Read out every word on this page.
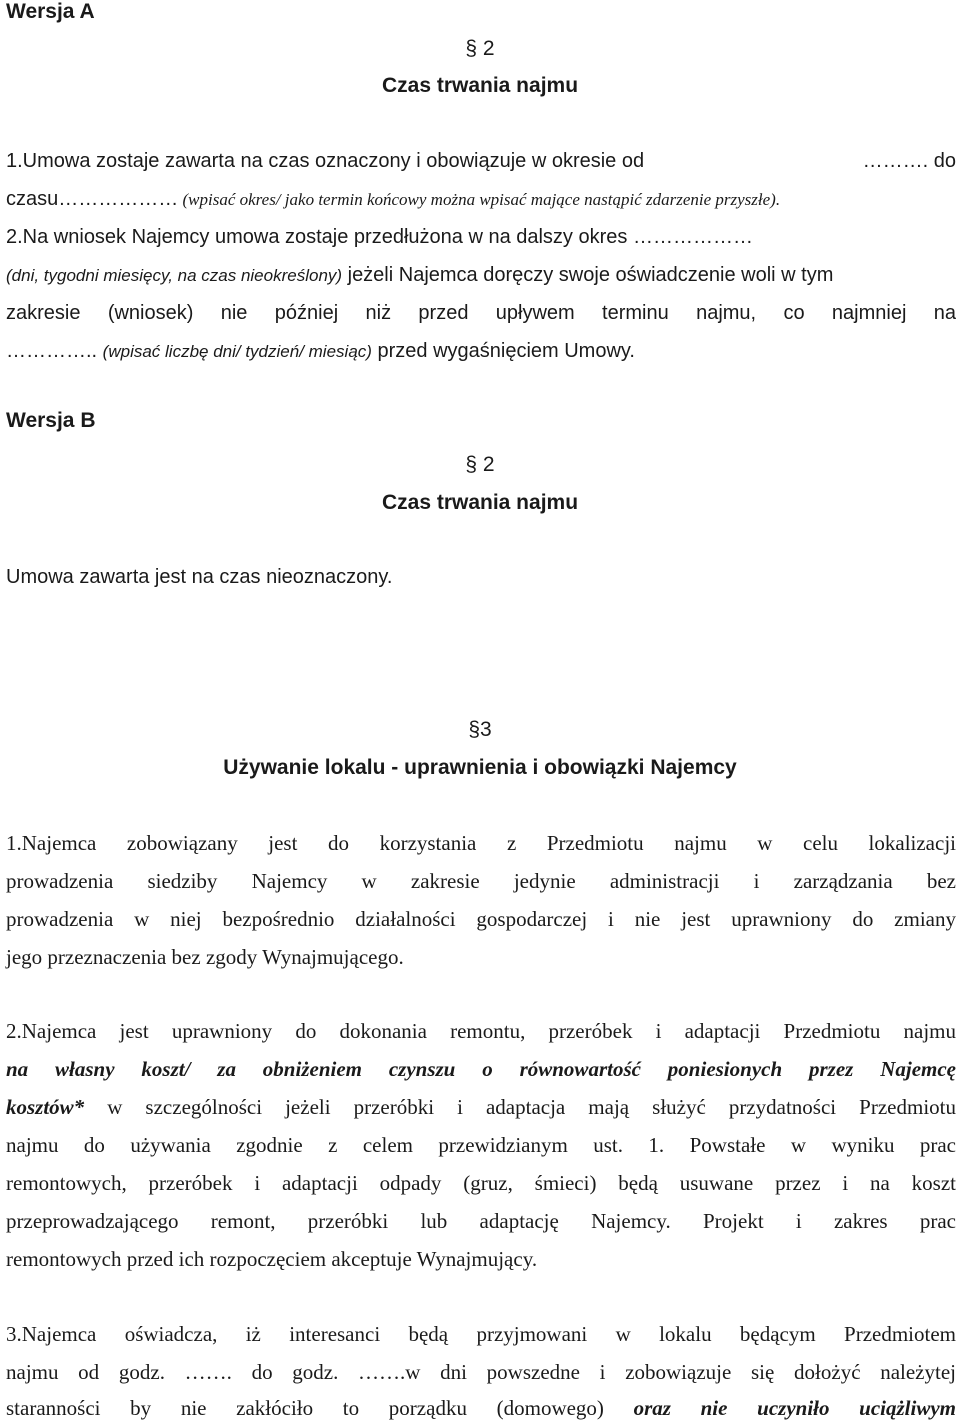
Wersja A
§ 2
Czas trwania najmu
1.Umowa zostaje zawarta na czas oznaczony i obowiązuje w okresie od	………. do
czasu……………… (wpisać okres/ jako termin końcowy można wpisać mające nastąpić zdarzenie przyszłe).
2.Na wniosek Najemcy umowa zostaje przedłużona w na dalszy okres ………………
(dni, tygodni miesięcy, na czas nieokreślony) jeżeli Najemca doręczy swoje oświadczenie woli w tym
zakresie (wniosek) nie później niż przed upływem terminu najmu, co najmniej na
………….. (wpisać liczbę dni/ tydzień/ miesiąc) przed wygaśnięciem Umowy.
Wersja B
§ 2
Czas trwania najmu
Umowa zawarta jest na czas nieoznaczony.
§3
Używanie lokalu - uprawnienia i obowiązki Najemcy
1.Najemca zobowiązany jest do korzystania z Przedmiotu najmu w celu lokalizacji
prowadzenia siedziby Najemcy w zakresie jedynie administracji i zarządzania bez
prowadzenia w niej bezpośrednio działalności gospodarczej i nie jest uprawniony do zmiany
jego przeznaczenia bez zgody Wynajmującego.
2.Najemca jest uprawniony do dokonania remontu, przeróbek i adaptacji Przedmiotu najmu
na własny koszt/ za obniżeniem czynszu o równowartość poniesionych przez Najemcę
kosztów* w szczególności jeżeli przeróbki i adaptacja mają służyć przydatności Przedmiotu
najmu do używania zgodnie z celem przewidzianym ust. 1. Powstałe w wyniku prac
remontowych, przeróbek i adaptacji odpady (gruz, śmieci) będą usuwane przez i na koszt
przeprowadzającego remont, przeróbki lub adaptację Najemcy. Projekt i zakres prac
remontowych przed ich rozpoczęciem akceptuje Wynajmujący.
3.Najemca oświadcza, iż interesanci będą przyjmowani w lokalu będącym Przedmiotem
najmu od godz. ……. do godz. …….w dni powszedne i zobowiązuje się dołożyć należytej
staranności by nie zakłóciło to porządku (domowego) oraz nie uczyniło uciążliwym
